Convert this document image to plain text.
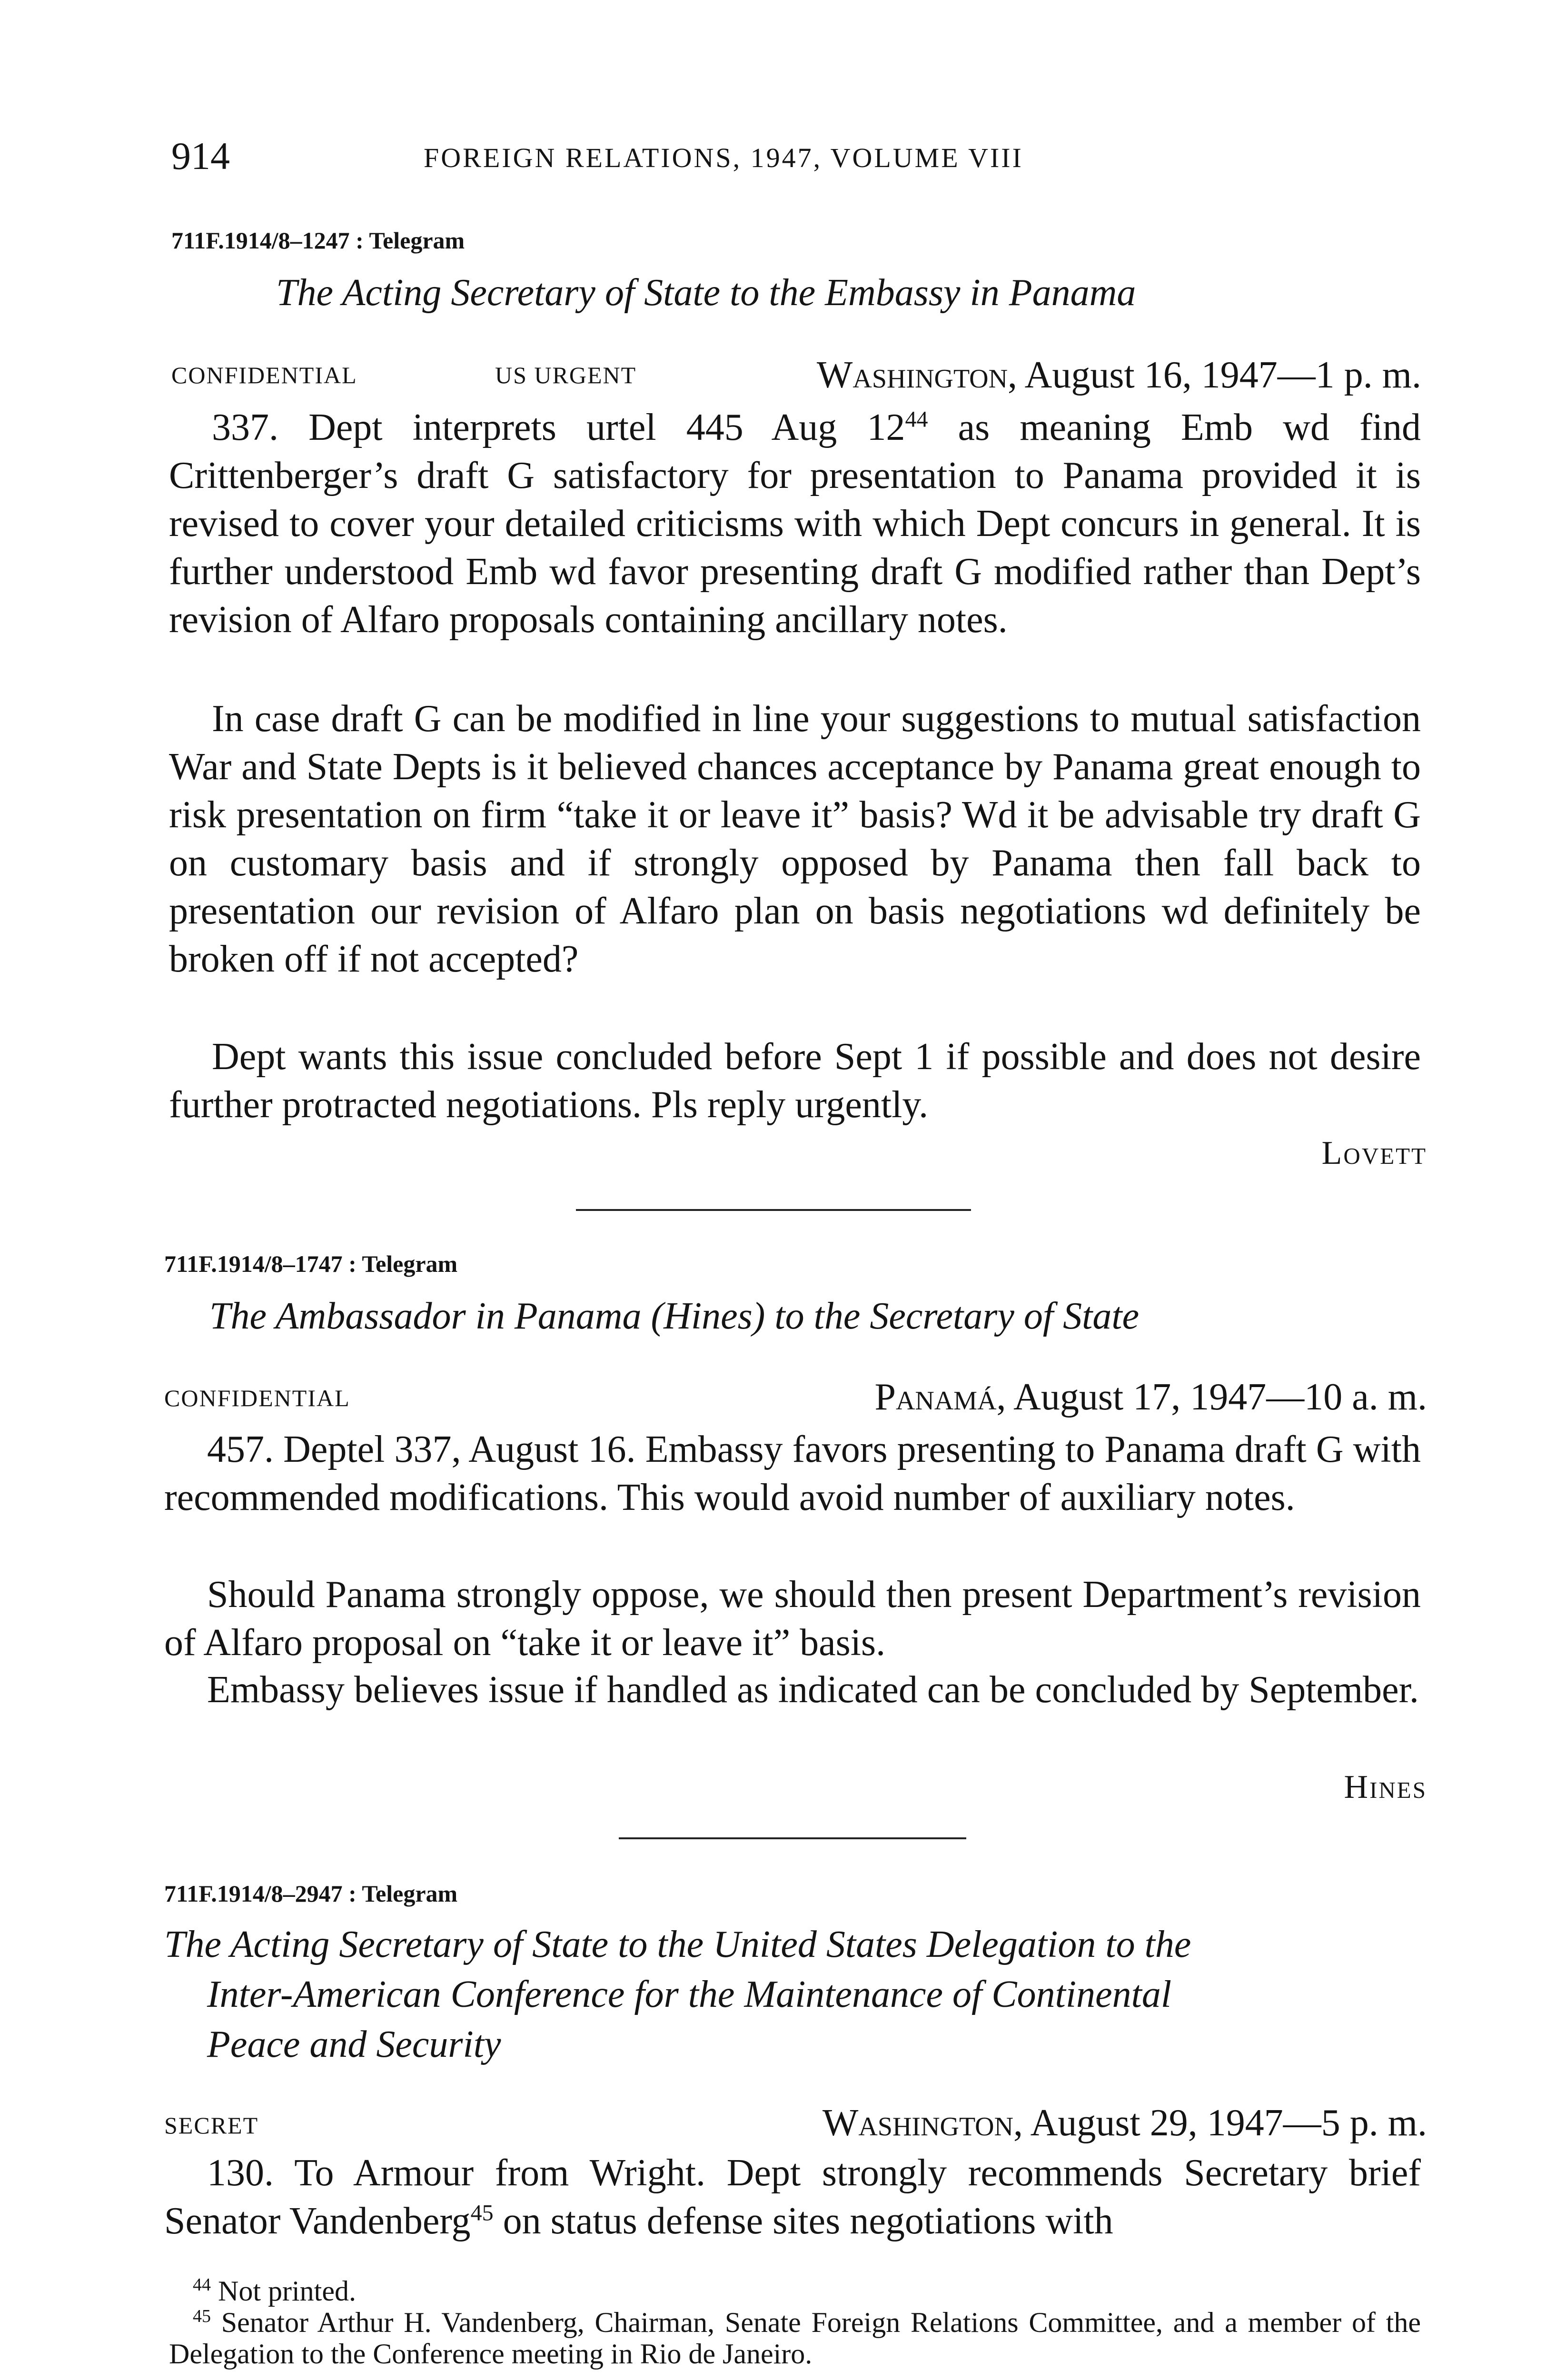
914	FOREIGN RELATIONS, 1947, VOLUME VIII
711F.1914/8–1247 : Telegram
The Acting Secretary of State to the Embassy in Panama
CONFIDENTIAL	US URGENT	Washington, August 16, 1947—1 p. m.
337. Dept interprets urtel 445 Aug $12^{44}$ as meaning Emb wd find Crittenberger’s draft G satisfactory for presentation to Panama provided it is revised to cover your detailed criticisms with which Dept concurs in general. It is further understood Emb wd favor presenting draft G modified rather than Dept’s revision of Alfaro proposals containing ancillary notes.
In case draft G can be modified in line your suggestions to mutual satisfaction War and State Depts is it believed chances acceptance by Panama great enough to risk presentation on firm “take it or leave it” basis? Wd it be advisable try draft G on customary basis and if strongly opposed by Panama then fall back to presentation our revision of Alfaro plan on basis negotiations wd definitely be broken off if not accepted?
Dept wants this issue concluded before Sept 1 if possible and does not desire further protracted negotiations. Pls reply urgently.
Lovett
711F.1914/8–1747 : Telegram
The Ambassador in Panama (Hines) to the Secretary of State
CONFIDENTIAL	Panamá, August 17, 1947—10 a. m.
457. Deptel 337, August 16. Embassy favors presenting to Panama draft G with recommended modifications. This would avoid number of auxiliary notes.
Should Panama strongly oppose, we should then present Department’s revision of Alfaro proposal on “take it or leave it” basis.
Embassy believes issue if handled as indicated can be concluded by September.
Hines
711F.1914/8–2947 : Telegram
The Acting Secretary of State to the United States Delegation to the
Inter-American Conference for the Maintenance of Continental
Peace and Security
SECRET	Washington, August 29, 1947—5 p. m.
130. To Armour from Wright. Dept strongly recommends Secretary brief Senator Vandenberg$^{45}$ on status defense sites negotiations with
$^{44}$ Not printed.
$^{45}$ Senator Arthur H. Vandenberg, Chairman, Senate Foreign Relations Committee, and a member of the Delegation to the Conference meeting in Rio de Janeiro.
